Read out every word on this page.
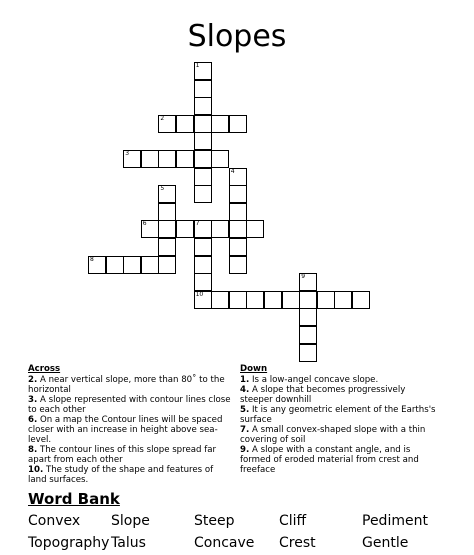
Slopes
1
2
3
4
5
6	7
8
9
10
Across
2. A near vertical slope, more than 80˚ to the horizontal
3. A slope represented with contour lines close to each other
6. On a map the Contour lines will be spaced closer with an increase in height above sea-level.
8. The contour lines of this slope spread far apart from each other
10. The study of the shape and features of land surfaces.
Down
1. Is a low-angel concave slope.
4. A slope that becomes progressively steeper downhill
5. It is any geometric element of the Earths's surface
7. A small convex-shaped slope with a thin covering of soil
9. A slope with a constant angle, and is formed of eroded material from crest and freeface
Word Bank
Convex Slope	Steep	Cliff	Pediment
Topography Talus	Concave Crest	Gentle
